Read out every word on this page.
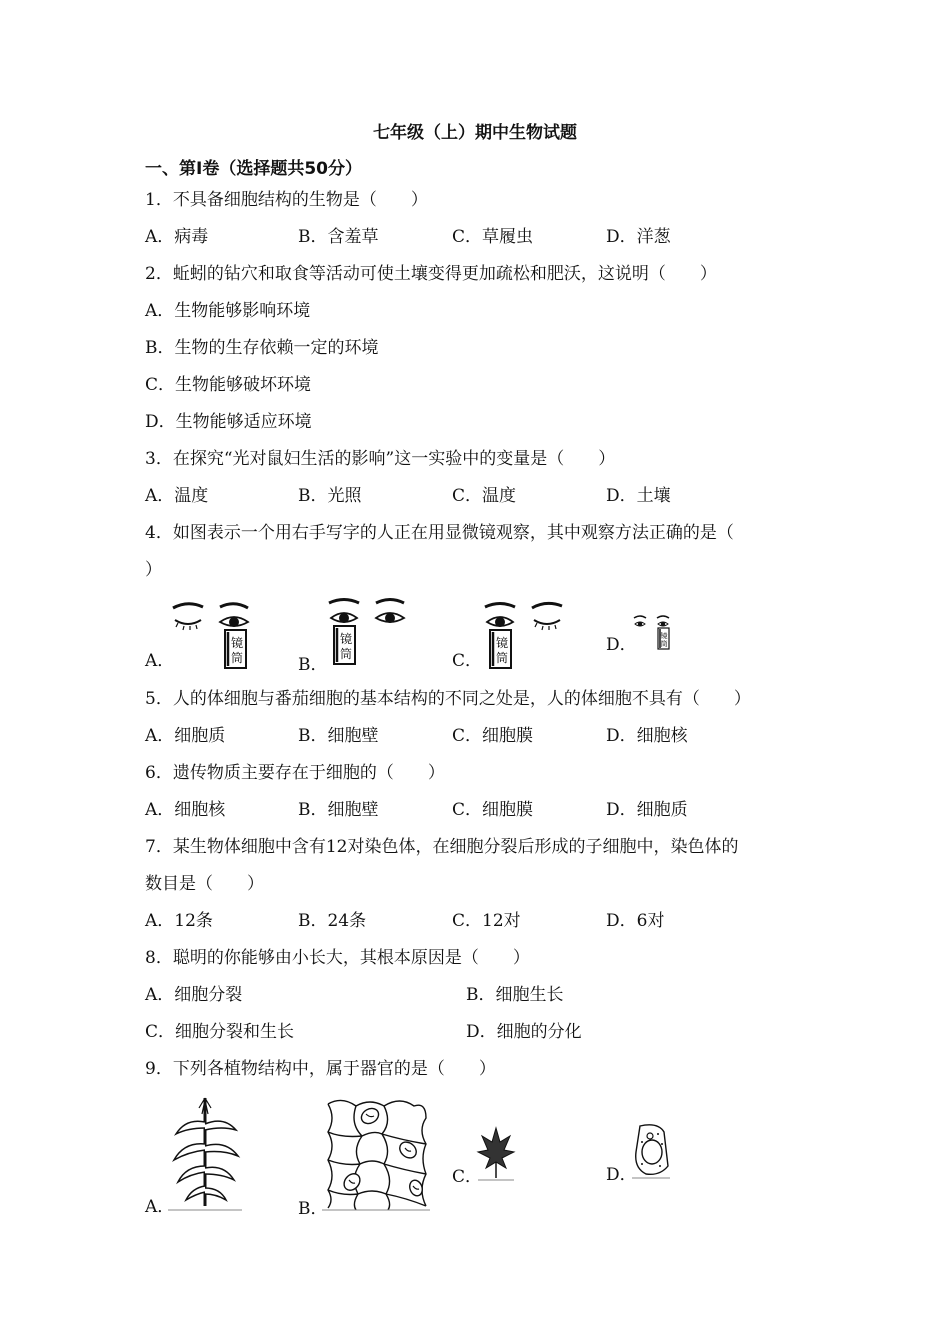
七年级（上）期中生物试题
一、第I卷（选择题共50分）
1．不具备细胞结构的生物是（　　）
A．病毒	B．含羞草	C．草履虫	D．洋葱
2．蚯蚓的钻穴和取食等活动可使土壤变得更加疏松和肥沃，这说明（　　）
A．生物能够影响环境
B．生物的生存依赖一定的环境
C．生物能够破坏环境
D．生物能够适应环境
3．在探究“光对鼠妇生活的影响”这一实验中的变量是（　　）
A．温度	B．光照	C．温度	D．土壤
4．如图表示一个用右手写字的人正在用显微镜观察，其中观察方法正确的是（
）
A．
镜
筒	B．
镜
筒	C．
镜
筒
D．	镜
筒
5．人的体细胞与番茄细胞的基本结构的不同之处是，人的体细胞不具有（　　）
A．细胞质	B．细胞壁	C．细胞膜	D．细胞核
6．遗传物质主要存在于细胞的（　　）
A．细胞核	B．细胞壁	C．细胞膜	D．细胞质
7．某生物体细胞中含有12对染色体，在细胞分裂后形成的子细胞中，染色体的
数目是（　　）
A．12条	B．24条	C．12对	D．6对
8．聪明的你能够由小长大，其根本原因是（　　）
A．细胞分裂	B．细胞生长
C．细胞分裂和生长	D．细胞的分化
9．下列各植物结构中，属于器官的是（　　）
A．	B．
C．	D．
